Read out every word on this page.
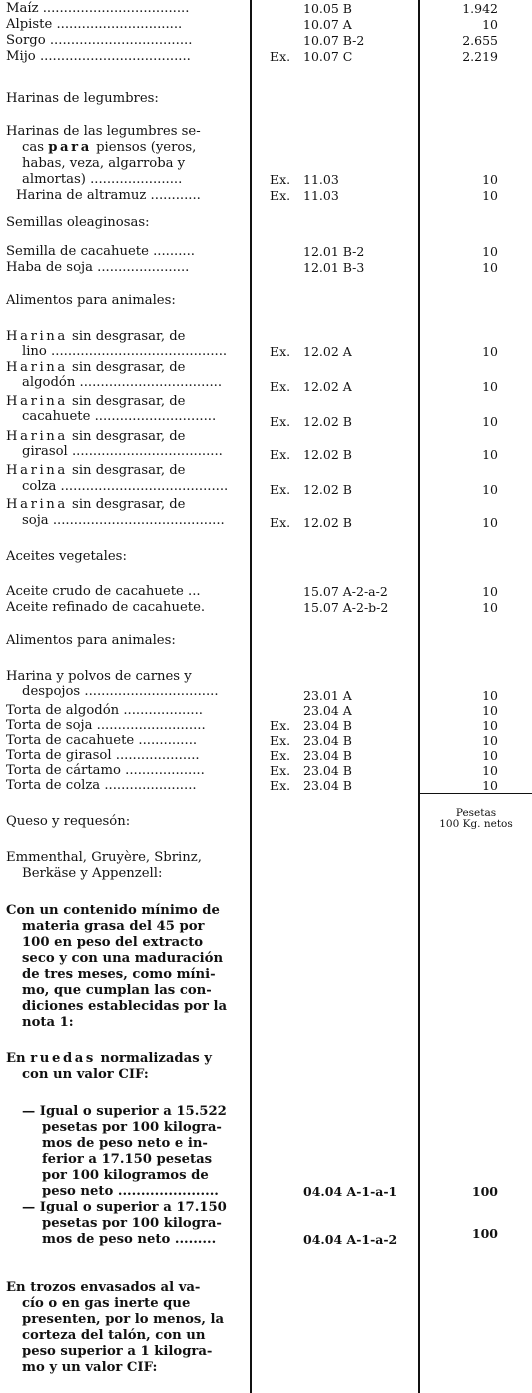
Maíz ...................................	10.05 B	1.942
Alpiste ..............................	10.07 A	10
Sorgo ..................................	10.07 B-2	2.655
Mijo ....................................	Ex. 10.07 C	2.219
Harinas de legumbres:
Harinas de las legumbres se-
cas para piensos (yeros,
habas, veza, algarroba y
almortas) ......................	Ex. 11.03	10
Harina de altramuz ............	Ex. 11.03	10
Semillas oleaginosas:
Semilla de cacahuete ..........	12.01 B-2	10
Haba de soja ......................	12.01 B-3	10
Alimentos para animales:
Harina sin desgrasar, de
lino ..........................................	Ex. 12.02 A	10
Harina sin desgrasar, de
algodón ..................................	Ex. 12.02 A	10
Harina sin desgrasar, de
cacahuete .............................	Ex. 12.02 B	10
Harina sin desgrasar, de
girasol ....................................	Ex. 12.02 B	10
Harina sin desgrasar, de
colza ........................................	Ex. 12.02 B	10
Harina sin desgrasar, de
soja .........................................	Ex. 12.02 B	10
Aceites vegetales:
Aceite crudo de cacahuete ...	15.07 A-2-a-2	10
Aceite refinado de cacahuete.	15.07 A-2-b-2	10
Alimentos para animales:
Harina y polvos de carnes y
despojos ................................	23.01 A	10
Torta de algodón ...................	23.04 A	10
Torta de soja ..........................	Ex. 23.04 B	10
Torta de cacahuete ..............	Ex. 23.04 B	10
Torta de girasol ....................	Ex. 23.04 B	10
Torta de cártamo ...................	Ex. 23.04 B	10
Torta de colza ......................	Ex. 23.04 B	10
Queso y requesón:
Pesetas
100 Kg. netos
Emmenthal, Gruyère, Sbrinz,
Berkäse y Appenzell:
Con un contenido mínimo de
materia grasa del 45 por
100 en peso del extracto
seco y con una maduración
de tres meses, como míni-
mo, que cumplan las con-
diciones establecidas por la
nota 1:
En ruedas normalizadas y
con un valor CIF:
— Igual o superior a 15.522
pesetas por 100 kilogra-
mos de peso neto e in-
ferior a 17.150 pesetas
por 100 kilogramos de
peso neto ......................	04.04 A-1-a-1	100
— Igual o superior a 17.150
pesetas por 100 kilogra-
mos de peso neto .........	04.04 A-1-a-2	100
En trozos envasados al va-
cío o en gas inerte que
presenten, por lo menos, la
corteza del talón, con un
peso superior a 1 kilogra-
mo y un valor CIF:
